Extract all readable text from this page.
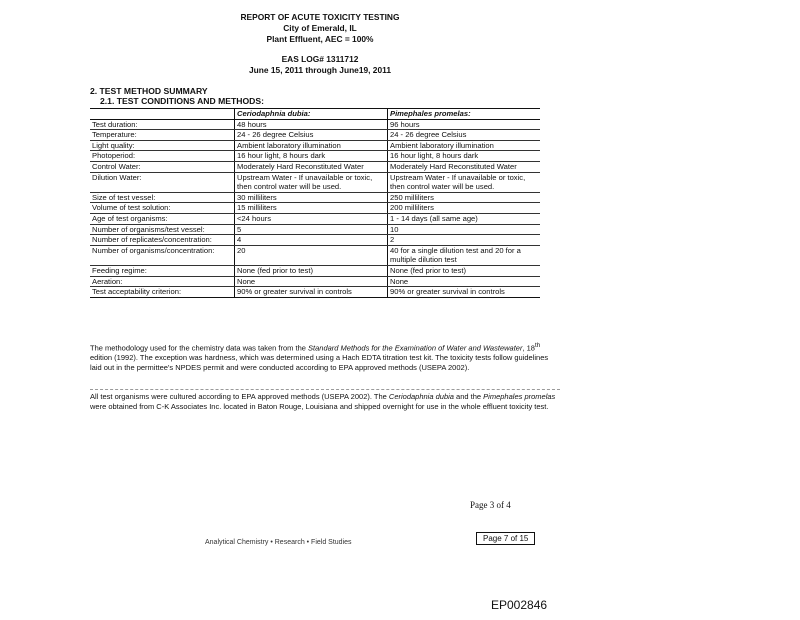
REPORT OF ACUTE TOXICITY TESTING
City of Emerald, IL
Plant Effluent, AEC = 100%
EAS LOG# 1311712
June 15, 2011 through June19, 2011
2. TEST METHOD SUMMARY
2.1. TEST CONDITIONS AND METHODS:
	Ceriodaphnia dubia:	Pimephales promelas:
Test duration:	48 hours	96 hours
Temperature:	24 - 26 degree Celsius	24 - 26 degree Celsius
Light quality:	Ambient laboratory illumination	Ambient laboratory illumination
Photoperiod:	16 hour light, 8 hours dark	16 hour light, 8 hours dark
Control Water:	Moderately Hard Reconstituted Water	Moderately Hard Reconstituted Water
Dilution Water:	Upstream Water - If unavailable or toxic, then control water will be used.	Upstream Water - If unavailable or toxic, then control water will be used.
Size of test vessel:	30 milliliters	250 milliliters
Volume of test solution:	15 milliliters	200 milliliters
Age of test organisms:	<24 hours	1 - 14 days (all same age)
Number of organisms/test vessel:	5	10
Number of replicates/concentration:	4	2
Number of organisms/concentration:	20	40 for a single dilution test and 20 for a multiple dilution test
Feeding regime:	None (fed prior to test)	None (fed prior to test)
Aeration:	None	None
Test acceptability criterion:	90% or greater survival in controls	90% or greater survival in controls
The methodology used for the chemistry data was taken from the Standard Methods for the Examination of Water and Wastewater, 18th edition (1992). The exception was hardness, which was determined using a Hach EDTA titration test kit. The toxicity tests follow guidelines laid out in the permittee's NPDES permit and were conducted according to EPA approved methods (USEPA 2002).
All test organisms were cultured according to EPA approved methods (USEPA 2002). The Ceriodaphnia dubia and the Pimephales promelas were obtained from C-K Associates Inc. located in Baton Rouge, Louisiana and shipped overnight for use in the whole effluent toxicity test.
Page 3 of 4
Analytical Chemistry • Research • Field Studies	Page 7 of 15
EP002846
